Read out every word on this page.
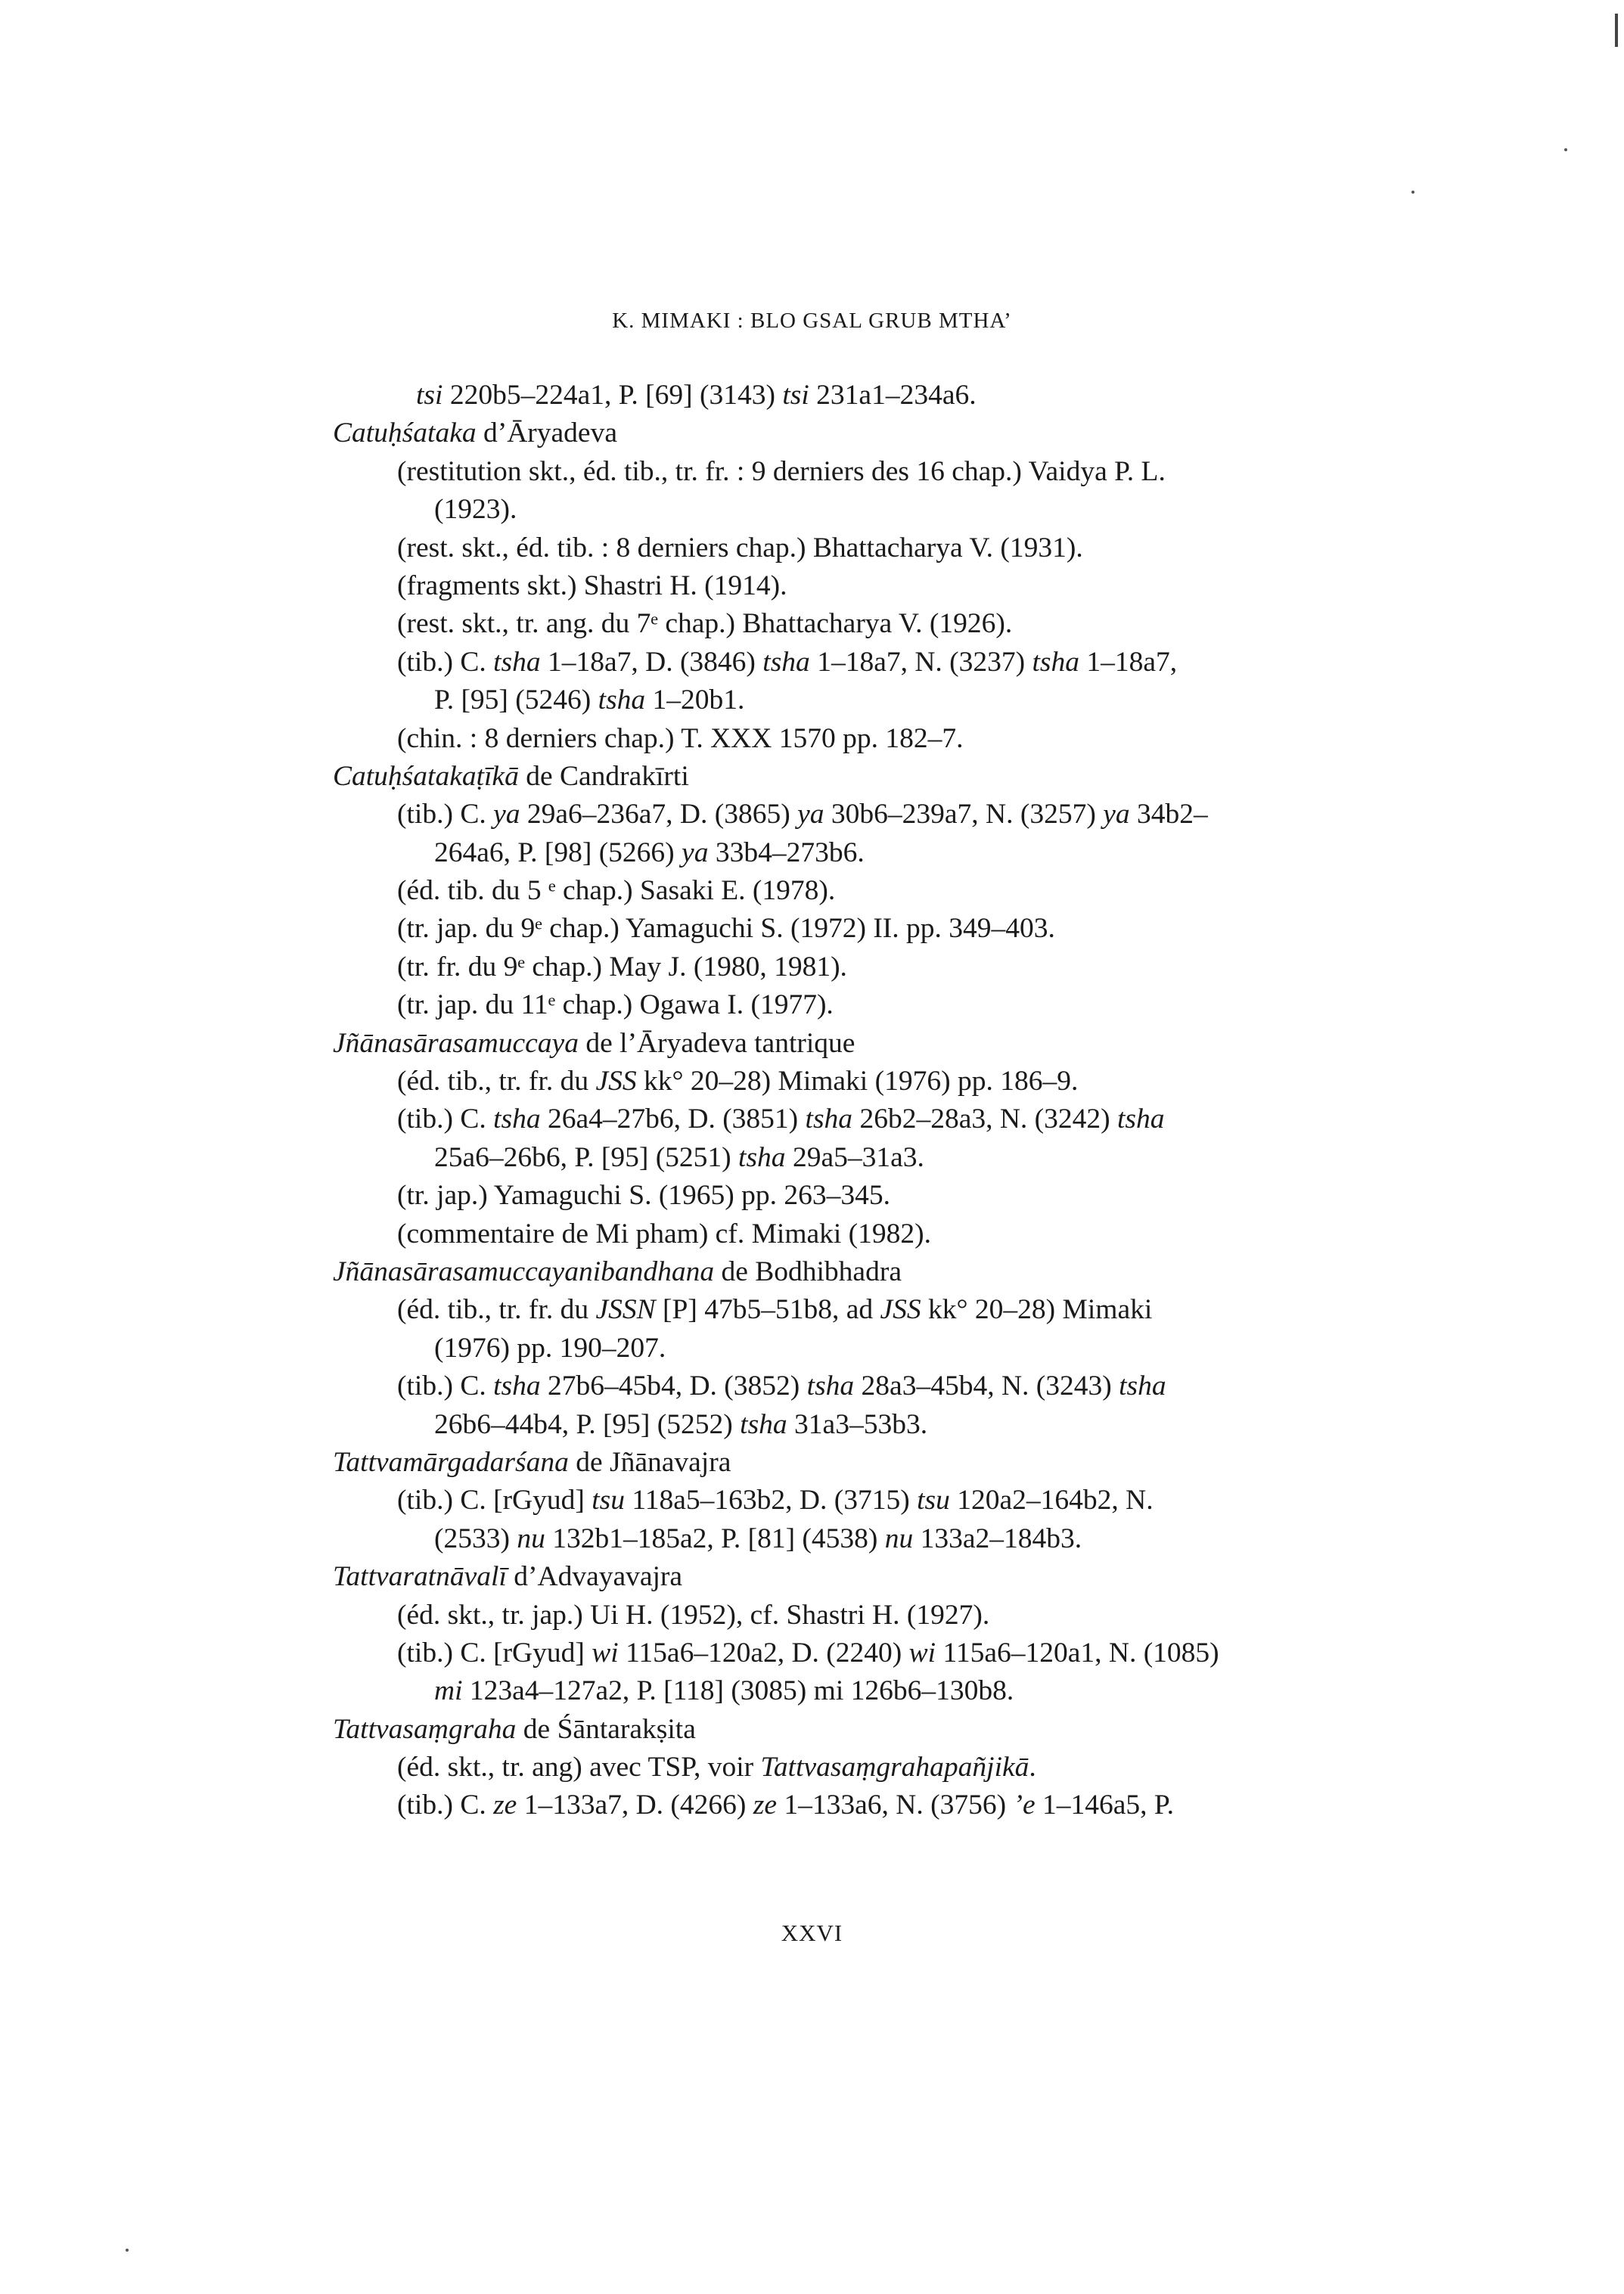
K. MIMAKI : BLO GSAL GRUB MTHA’
tsi 220b5–224a1, P. [69] (3143) tsi 231a1–234a6.
Catuḥśataka d’Āryadeva
(restitution skt., éd. tib., tr. fr. : 9 derniers des 16 chap.) Vaidya P. L.
(1923).
(rest. skt., éd. tib. : 8 derniers chap.) Bhattacharya V. (1931).
(fragments skt.) Shastri H. (1914).
(rest. skt., tr. ang. du 7ᵉ chap.) Bhattacharya V. (1926).
(tib.) C. tsha 1–18a7, D. (3846) tsha 1–18a7, N. (3237) tsha 1–18a7,
P. [95] (5246) tsha 1–20b1.
(chin. : 8 derniers chap.) T. XXX 1570 pp. 182–7.
Catuḥśatakaṭīkā de Candrakīrti
(tib.) C. ya 29a6–236a7, D. (3865) ya 30b6–239a7, N. (3257) ya 34b2–
264a6, P. [98] (5266) ya 33b4–273b6.
(éd. tib. du 5 ᵉ chap.) Sasaki E. (1978).
(tr. jap. du 9ᵉ chap.) Yamaguchi S. (1972) II. pp. 349–403.
(tr. fr. du 9ᵉ chap.) May J. (1980, 1981).
(tr. jap. du 11ᵉ chap.) Ogawa I. (1977).
Jñānasārasamuccaya de l’Āryadeva tantrique
(éd. tib., tr. fr. du JSS kk° 20–28) Mimaki (1976) pp. 186–9.
(tib.) C. tsha 26a4–27b6, D. (3851) tsha 26b2–28a3, N. (3242) tsha
25a6–26b6, P. [95] (5251) tsha 29a5–31a3.
(tr. jap.) Yamaguchi S. (1965) pp. 263–345.
(commentaire de Mi pham) cf. Mimaki (1982).
Jñānasārasamuccayanibandhana de Bodhibhadra
(éd. tib., tr. fr. du JSSN [P] 47b5–51b8, ad JSS kk° 20–28) Mimaki
(1976) pp. 190–207.
(tib.) C. tsha 27b6–45b4, D. (3852) tsha 28a3–45b4, N. (3243) tsha
26b6–44b4, P. [95] (5252) tsha 31a3–53b3.
Tattvamārgadarśana de Jñānavajra
(tib.) C. [rGyud] tsu 118a5–163b2, D. (3715) tsu 120a2–164b2, N.
(2533) nu 132b1–185a2, P. [81] (4538) nu 133a2–184b3.
Tattvaratnāvalī d’Advayavajra
(éd. skt., tr. jap.) Ui H. (1952), cf. Shastri H. (1927).
(tib.) C. [rGyud] wi 115a6–120a2, D. (2240) wi 115a6–120a1, N. (1085)
mi 123a4–127a2, P. [118] (3085) mi 126b6–130b8.
Tattvasaṃgraha de Śāntarakṣita
(éd. skt., tr. ang) avec TSP, voir Tattvasaṃgrahapañjikā.
(tib.) C. ze 1–133a7, D. (4266) ze 1–133a6, N. (3756) ’e 1–146a5, P.
XXVI
